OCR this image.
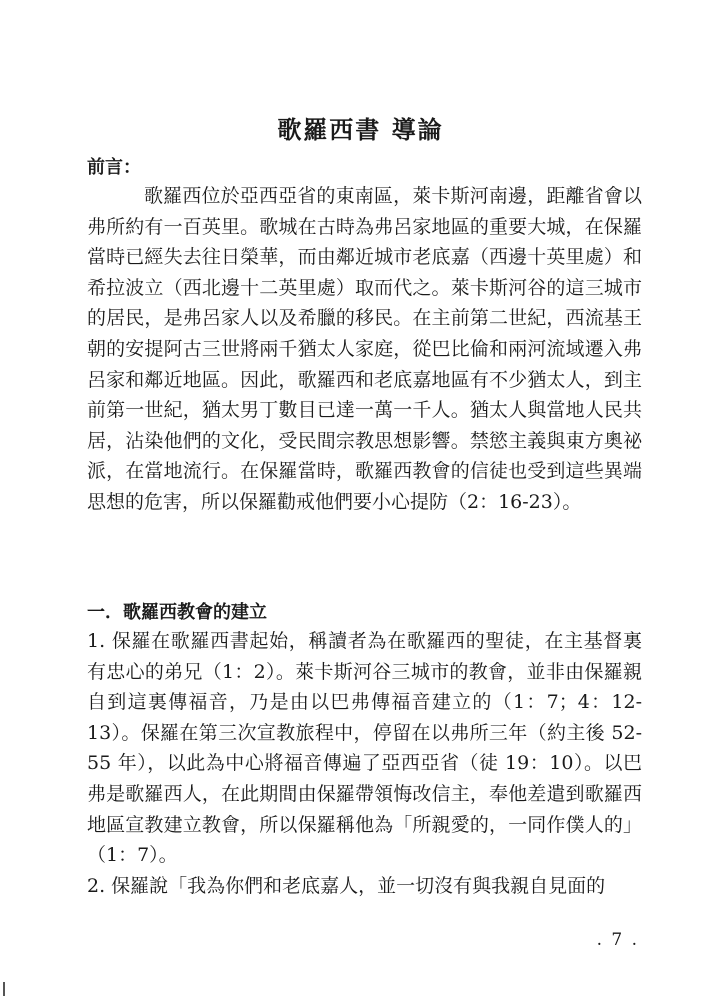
歌羅西書 導論
前言：
歌羅西位於亞西亞省的東南區，萊卡斯河南邊，距離省會以弗所約有一百英里。歌城在古時為弗呂家地區的重要大城，在保羅當時已經失去往日榮華，而由鄰近城市老底嘉（西邊十英里處）和希拉波立（西北邊十二英里處）取而代之。萊卡斯河谷的這三城市的居民，是弗呂家人以及希臘的移民。在主前第二世紀，西流基王朝的安提阿古三世將兩千猶太人家庭，從巴比倫和兩河流域遷入弗呂家和鄰近地區。因此，歌羅西和老底嘉地區有不少猶太人，到主前第一世紀，猶太男丁數目已達一萬一千人。猶太人與當地人民共居，沾染他們的文化，受民間宗教思想影響。禁慾主義與東方奧祕派，在當地流行。在保羅當時，歌羅西教會的信徒也受到這些異端思想的危害，所以保羅勸戒他們要小心提防（2：16-23）。
一．歌羅西教會的建立
1. 保羅在歌羅西書起始，稱讀者為在歌羅西的聖徒，在主基督裏有忠心的弟兄（1：2）。萊卡斯河谷三城市的教會，並非由保羅親自到這裏傳福音，乃是由以巴弗傳福音建立的（1：7；4：12-13）。保羅在第三次宣教旅程中，停留在以弗所三年（約主後 52-55 年），以此為中心將福音傳遍了亞西亞省（徒 19：10）。以巴弗是歌羅西人，在此期間由保羅帶領悔改信主，奉他差遣到歌羅西地區宣教建立教會，所以保羅稱他為「所親愛的，一同作僕人的」（1：7）。
2. 保羅說「我為你們和老底嘉人，並一切沒有與我親自見面的
. 7 .
